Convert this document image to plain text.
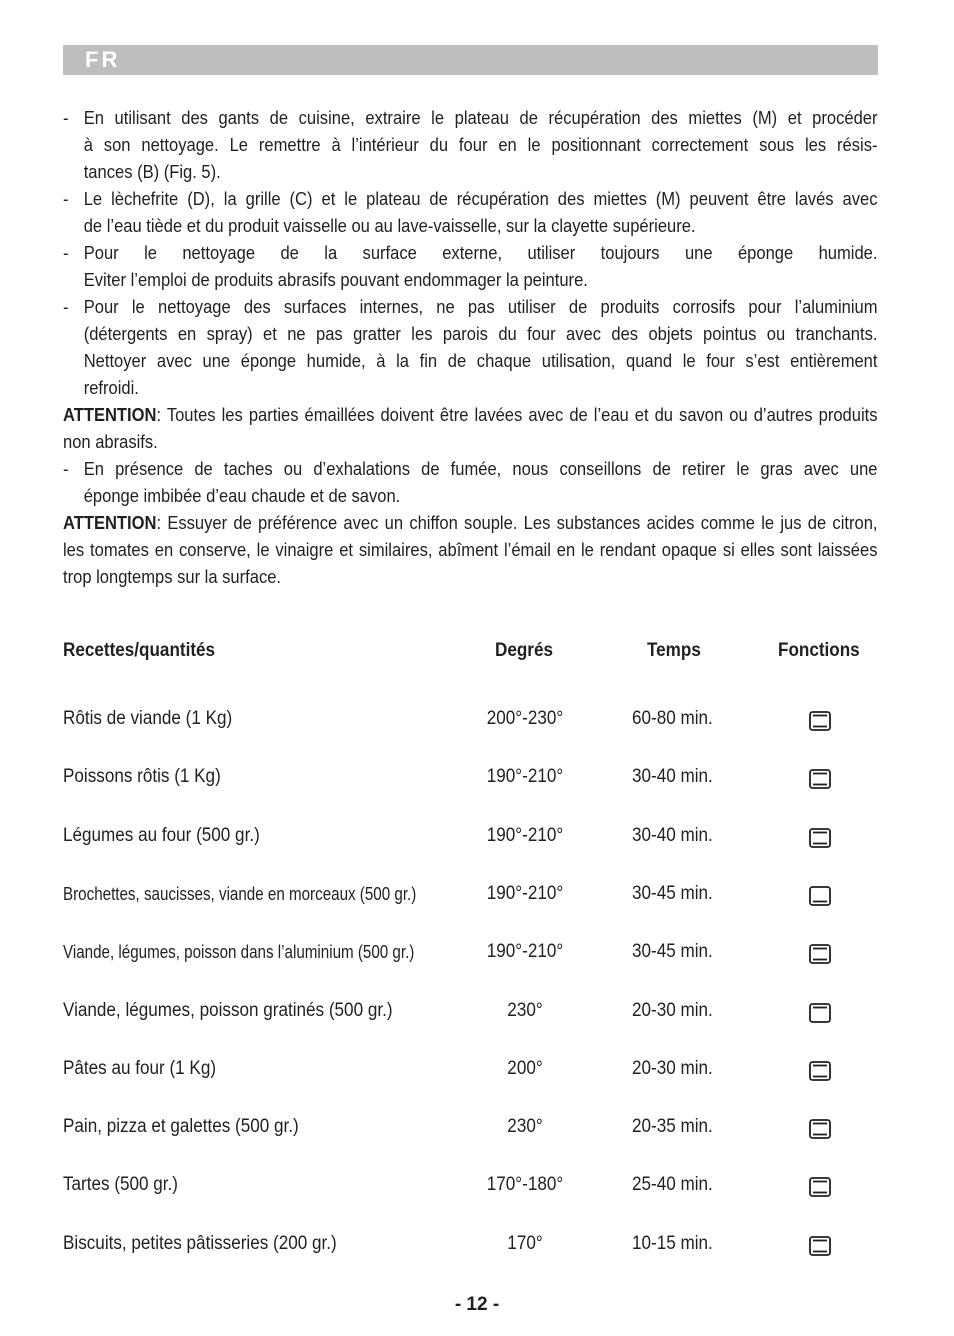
FR
- En utilisant des gants de cuisine, extraire le plateau de récupération des miettes (M) et procéder
à son nettoyage. Le remettre à l’intérieur du four en le positionnant correctement sous les résis-
tances (B) (Fig. 5).
- Le lèchefrite (D), la grille (C) et le plateau de récupération des miettes (M) peuvent être lavés avec
de l’eau tiède et du produit vaisselle ou au lave-vaisselle, sur la clayette supérieure.
- Pour le nettoyage de la surface externe, utiliser toujours une éponge humide.
Eviter l’emploi de produits abrasifs pouvant endommager la peinture.
- Pour le nettoyage des surfaces internes, ne pas utiliser de produits corrosifs pour l’aluminium
(détergents en spray) et ne pas gratter les parois du four avec des objets pointus ou tranchants.
Nettoyer avec une éponge humide, à la fin de chaque utilisation, quand le four s’est entièrement
refroidi.
ATTENTION: Toutes les parties émaillées doivent être lavées avec de l’eau et du savon ou d’autres produits non abrasifs.
- En présence de taches ou d’exhalations de fumée, nous conseillons de retirer le gras avec une
éponge imbibée d’eau chaude et de savon.
ATTENTION: Essuyer de préférence avec un chiffon souple. Les substances acides comme le jus de citron, les tomates en conserve, le vinaigre et similaires, abîment l’émail en le rendant opaque si elles sont laissées trop longtemps sur la surface.
Recettes/quantités	Degrés	Temps	Fonctions
Rôtis de viande (1 Kg)	200°-230°	60-80 min.
Poissons rôtis (1 Kg)	190°-210°	30-40 min.
Légumes au four (500 gr.)	190°-210°	30-40 min.
Brochettes, saucisses, viande en morceaux (500 gr.)	190°-210°	30-45 min.
Viande, légumes, poisson dans l’aluminium (500 gr.)	190°-210°	30-45 min.
Viande, légumes, poisson gratinés (500 gr.)	230°	20-30 min.
Pâtes au four (1 Kg)	200°	20-30 min.
Pain, pizza et galettes (500 gr.)	230°	20-35 min.
Tartes (500 gr.)	170°-180°	25-40 min.
Biscuits, petites pâtisseries (200 gr.)	170°	10-15 min.
- 12 -
